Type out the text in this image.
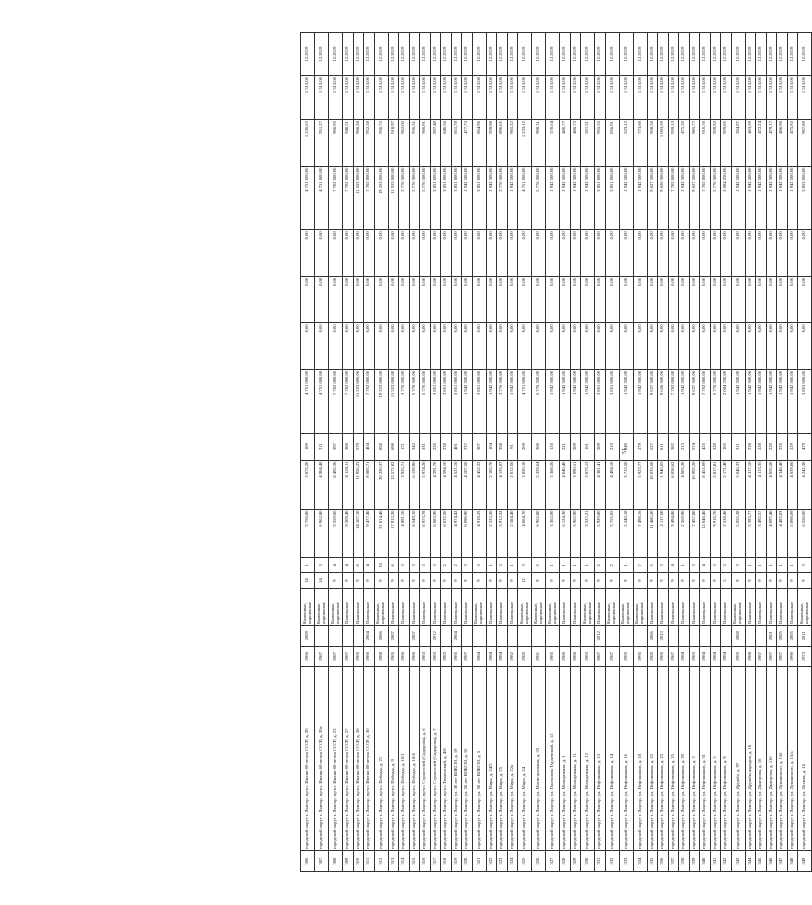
306	городской округ г. Лянтор, пр-кт. Имени 60-летия СССР, д. 20	1986	2009	Каменные, кирпичные	14	1	5 750,80	3 872,20	189	4 751 000,00	0,00	0,00	0,00	4 751 000,00	1 226,63	1 513,00	12.2019
307	городской округ г. Лянтор, пр-кт. Имени 60-летия СССР, д. 20а	1987		Каменные, кирпичные	14	3	6 962,80	4 904,40	211	4 751 000,00	0,00	0,00	0,00	4 751 000,00	951,27	1 513,00	12.2019
308	городской округ г. Лянтор, пр-кт. Имени 60-летия СССР, д. 23	1987		Каменные, кирпичные	9	4	9 559,00	8 492,20	397	7 702 000,00	0,00	0,00	0,00	7 702 000,00	906,95	1 513,00	12.2019
309	городской округ г. Лянтор, пр-кт. Имени 60-летия СССР, д. 27	1987		Панельные	9	4	9 509,40	8 128,11	388	7 702 000,00	0,00	0,00	0,00	7 702 000,00	948,51	1 513,00	12.2019
310	городской округ г. Лянтор, пр-кт. Имени 60-летия СССР, д. 28	1985		Панельные	9	6	14 107,10	11 956,23	579	11 553 000,00	0,00	0,00	0,00	11 553 000,00	966,28	1 513,00	12.2019
311	городской округ г. Лянтор, пр-кт. Имени 60-летия СССР, д. 30	1986	2004	Панельные	9	4	9 477,40	8 085,71	404	7 702 000,00	0,00	0,00	0,00	7 702 000,00	952,58	1 513,00	12.2019
312	городской округ г. Лянтор, пр-кт. Победы, д. 21	1988	2006	Каменные, кирпичные	9	10	21 614,40	20 250,37	858	19 253 000,00	0,00	0,00	0,00	19 253 000,00	950,75	1 513,00	12.2019
313	городской округ г. Лянтор, пр-кт. Победы, д. 9	1985	2007	Панельные	9	6	17 912,20	12 571,82	698	11 553 000,00	0,00	0,00	0,00	11 553 000,00	918,97	1 513,00	12.2019
314	городской округ г. Лянтор, пр-кт. Победы, д. 10/1	1986		Панельные	9	3	4 891,10	3 925,71	171	3 776 500,00	0,00	0,00	0,00	3 776 500,00	962,00	1 513,00	12.2019
315	городской округ г. Лянтор, пр-кт. Победы, д. 10/4	1986	2007	Панельные	9	3	8 549,10	6 159,96	342	5 776 500,00	0,00	0,00	0,00	5 776 500,00	936,31	1 513,00	12.2019
316	городской округ г. Лянтор, пр-кт. Строителей (Сидорова), д. 6	1983		Панельные	9	3	6 973,78	5 974,20	331	5 776 500,00	0,00	0,00	0,00	5 776 500,00	966,91	1 513,00	12.2019
317	городской округ г. Лянтор, пр-кт. Строителей (Сидорова), д. 7	1983	2012	Панельные	9	3	6 083,90	4 291,70	226	3 851 000,00	0,00	0,00	0,00	3 851 000,00	897,40	1 513,00	12.2019
318	городской округ г. Лянтор, пр-кт. Тюменский, д. 4/8	1983		Панельные	9	2	6 032,50	4 594,10	238	3 851 000,00	0,00	0,00	0,00	3 851 000,00	840,56	1 513,00	12.2019
319	городской округ г. Лянтор, ул. 30 лет ВЛКСМ, д. 19	1985	2004	Панельные	9	2	4 974,42	4 521,10	481	3 851 000,00	0,00	0,00	0,00	3 851 000,00	851,78	1 513,00	12.2019
320	городской округ г. Лянтор, ул. 50 лет ВЛКСМ, д. 10	1987		Панельные	9	3	6 090,90	4 107,50	237	1 942 500,00	0,00	0,00	0,00	1 942 500,00	477,73	1 513,00	12.2019
321	городской округ г. Лянтор, ул. 50 лет ВЛКСМ, д. 5	1984		Каменные, кирпичные	9	3	4 918,25	4 452,22	307	3 851 000,00	0,00	0,00	0,00	3 851 000,00	864,96	1 513,00	12.2019
322	городской округ г. Лянтор, ул. Мира, д. 24/5	1984		Панельные	9	1	2 522,20	2 182,70	104	1 942 500,00	0,00	0,00	0,00	1 942 500,00	959,98	1 513,00	12.2019
323	городской округ г. Лянтор, ул. Мира, д. 25	1984		Панельные	9	3	5 912,32	4 155,07	358	3 776 500,00	0,00	0,00	0,00	3 776 500,00	890,05	1 513,00	12.2019
324	городской округ г. Лянтор, ул. Мира, д. 22а	1982		Панельные	9	1	2 584,40	2 012,50	91	1 942 500,00	0,00	0,00	0,00	1 942 500,00	965,22	1 513,00	12.2019
325	городской округ г. Лянтор, ул. Мира, д. 24	1985		Каменные, кирпичные	12	3	4 064,70	3 850,10	269	4 751 000,00	0,00	0,00	0,00	4 751 000,00	1 233,12	1 513,00	12.2019
326	городской округ г. Лянтор, ул. Магистральная, д. 33	1981		Каменные, кирпичные	9	5	6 962,80	5 359,64	360	5 776 500,00	0,00	0,00	0,00	5 776 500,00	988,31	1 513,00	12.2019
327	городской округ г. Лянтор, ул. Платонова Тураевский, д. 12	1985		Каменные, кирпичные	9	1	3 362,00	3 368,50	126	1 942 500,00	0,00	0,00	0,00	1 942 500,00	578,64	1 513,00	12.2019
328	городской округ г. Лянтор, ул. Молодежная, д. 1	1986		Панельные	9	1	6 124,30	4 040,40	221	1 942 500,00	0,00	0,00	0,00	1 942 500,00	480,77	1 513,00	12.2019
329	городской округ г. Лянтор, ул. Молодежная, д. 11	1986		Панельные	9	1	5 962,90	3 990,51	209	1 942 500,00	0,00	0,00	0,00	1 942 500,00	486,73	1 513,00	12.2019
330	городской округ г. Лянтор, ул. Молодежная, д. 12	1983		Каменные, кирпичные	9	1	3 527,21	3 873,13	161	1 942 500,00	0,00	0,00	0,00	1 942 500,00	501,51	1 513,00	12.2019
331	городской округ г. Лянтор, ул. Нефтяников, д. 13	1987	2012	Панельные	9	2	5 929,80	4 381,41	209	3 851 000,00	0,00	0,00	0,00	3 851 000,00	955,55	1 513,00	12.2019
332	городской округ г. Лянтор, ул. Нефтяников, д. 14	1987		Каменные, кирпичные	9	2	5 755,05	4 494,10	210	3 851 000,00	0,00	0,00	0,00	3 851 000,00	856,91	1 513,00	12.2019
333	городской округ г. Лянтор, ул. Нефтяников, д. 16	1985		Каменные, кирпичные	9	1	5 240,18	3 713,50	240	1 942 500,00	0,00	0,00	0,00	1 942 500,00	523,12	1 513,00	12.2019
334	городской округ г. Лянтор, ул. Нефтяников, д. 18	1995		Каменные, кирпичные	9	7	7 498,16	5 923,77	279	1 942 500,00	0,00	0,00	0,00	1 942 500,00	773,60	1 513,00	12.2019
335	городской округ г. Лянтор, ул. Нефтяников, д. 22	1985	2006	Панельные	9	5	11 460,20	10 033,50	527	9 627 500,00	0,00	0,00	0,00	9 627 500,00	958,56	1 513,00	12.2019
336	городской округ г. Лянтор, ул. Нефтяников, д. 23	1985	2013	Панельные	9	3	2 117,60	1 940,05	611	9 626 500,00	0,00	0,00	0,00	9 626 500,00	1 003,59	1 513,00	12.2019
337	городской округ г. Лянтор, ул. Нефтяников, д. 25	1987		Панельные	9	4	9 494,80	8 058,62	382	7 702 000,00	0,00	0,00	0,00	7 702 000,00	959,13	1 513,00	12.2019
338	городской округ г. Лянтор, ул. Нефтяников, д. 29	1984		Панельные	9	1	2 569,90	4 083,20	215	1 942 500,00	0,00	0,00	0,00	1 942 500,00	475,50	1 513,00	12.2019
339	городской округ г. Лянтор, ул. Нефтяников, д. 3	1983		Панельные	9	3	7 457,80	10 992,20	574	9 627 500,00	0,00	0,00	0,00	9 627 500,00	985,77	1 513,00	12.2019
340	городской округ г. Лянтор, ул. Нефтяников, д. 31	1984		Панельные	9	4	12 046,40	8 451,09	425	7 702 000,00	0,00	0,00	0,00	7 702 000,00	916,70	1 513,00	12.2019
341	городской округ г. Лянтор, ул. Нефтяников, д. 5	1984		Панельные	9	3	9 916,70	5 817,81	328	5 776 500,00	0,00	0,00	0,00	5 776 500,00	959,92	1 513,00	12.2019
342	городской округ г. Лянтор, ул. Нефтяников, д. 9	1984		Панельные	5	3	2 538,46	2 171,40	105	2 084 250,00	0,00	0,00	0,00	2 084 250,00	959,85	1 513,00	12.2019
343	городской округ г. Лянтор, ул. Дружба, д. 97	1985	2008	Каменные, кирпичные	9	3	5 055,28	5 046,33	311	1 942 500,00	0,00	0,00	0,00	1 942 500,00	384,97	1 513,00	12.2019
344	городской округ г. Лянтор, ул. Дружбы народов, д. 10	1988		Панельные	9	1	5 393,77	4 317,10	228	1 942 500,00	0,00	0,00	0,00	1 942 500,00	463,59	1 513,00	12.2019
345	городской округ г. Лянтор, ул. Дмитрова, д. 16	1987		Панельные	9	1	5 492,57	4 113,35	228	1 942 500,00	0,00	0,00	0,00	1 942 500,00	472,24	1 513,00	12.2019
346	городской округ г. Лянтор, ул. Дмитрова, д. 11б	1987	2001	Панельные	9	1	4 097,40	4 055,50	220	1 942 500,00	0,00	0,00	0,00	1 942 500,00	479,17	1 513,00	12.2019
347	городской округ г. Лянтор, ул. Лунинского, д. 15б	1987	2005	Панельные	9	1	4 492,03	4 346,40	226	1 942 500,00	0,00	0,00	0,00	1 942 500,00	480,96	1 513,00	12.2019
348	городской округ г. Лянтор, ул. Лунинского, д. 15/а	1990	2005	Панельные	9	1	5 098,69	4 039,00	229	1 942 500,00	0,00	0,00	0,00	1 942 500,00	475,92	1 513,00	12.2019
349	городской округ г. Лянтор, ул. Лесная, д. 16	1973	2011	Каменные, кирпичные	9	3	6 550,00	4 242,30	479	3 853 000,00	0,00	0,00	0,00	3 853 000,00	907,89	1 513,00	12.2019
51
